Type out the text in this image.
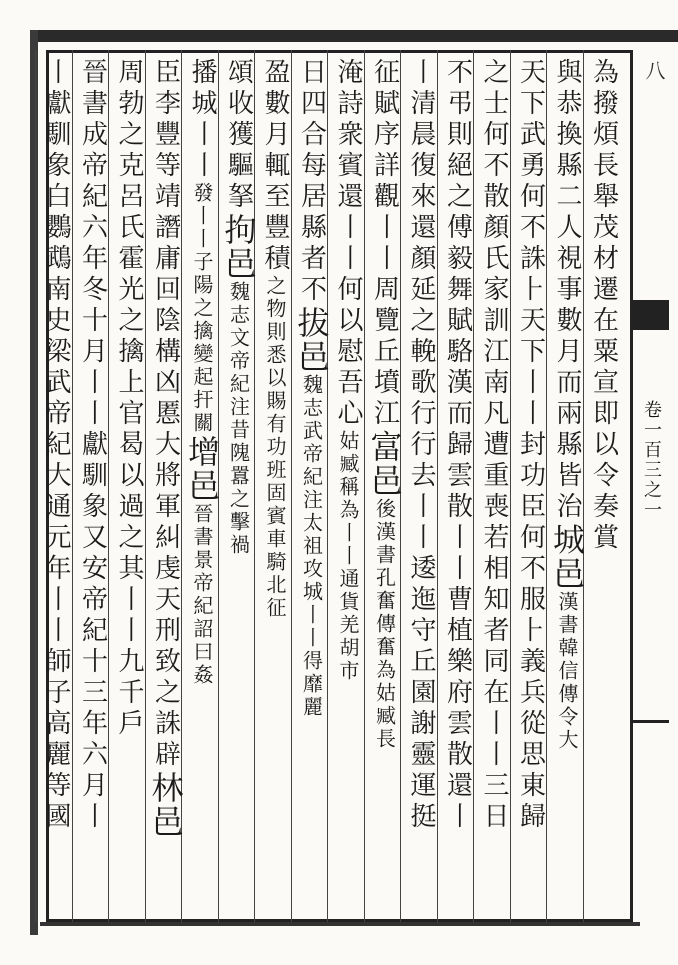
八
卷一百三之一
為撥煩長舉茂材遷在粟宣即以令奏賞
與恭換縣二人視事數月而兩縣皆治城邑漢書韓信傳令大
天下武勇何不誅⺊天下丨丨封功臣何不服⺊義兵從思東歸
之士何不散顏氏家訓江南凡遭重喪若相知者同在丨丨三日
不弔則絕之傅毅舞賦駱漢而歸雲散丨丨曹植樂府雲散還丨
丨清晨復來還顏延之輓歌行行去丨丨逶迤守丘園謝靈運挺
征賦序詳觀丨丨周覽丘墳江富邑後漢書孔奮傳奮為姑臧長
淹詩衆賓還丨丨何以慰吾心姑臧稱為丨丨通貨羌胡市
日四合每居縣者不拔邑魏志武帝紀注太祖攻城丨丨得靡麗
盈數月輒至豐積之物則悉以賜有功班固賓車騎北征
頌收獲驅拏拘邑魏志文帝紀注昔隗囂之擊禍
播城丨丨發丨丨子陽之擒變起扞關增邑晉書景帝紀詔曰姦
臣李豐等靖譖庸回陰構凶慝大將軍糾虔天刑致之誅辟林邑
周勃之克呂氏霍光之擒上官曷以過之其丨丨九千戶
晉書成帝紀六年冬十月丨丨獻馴象又安帝紀十三年六月丨
丨獻馴象白鸚鵡南史梁武帝紀大通元年丨丨師子高麗等國
